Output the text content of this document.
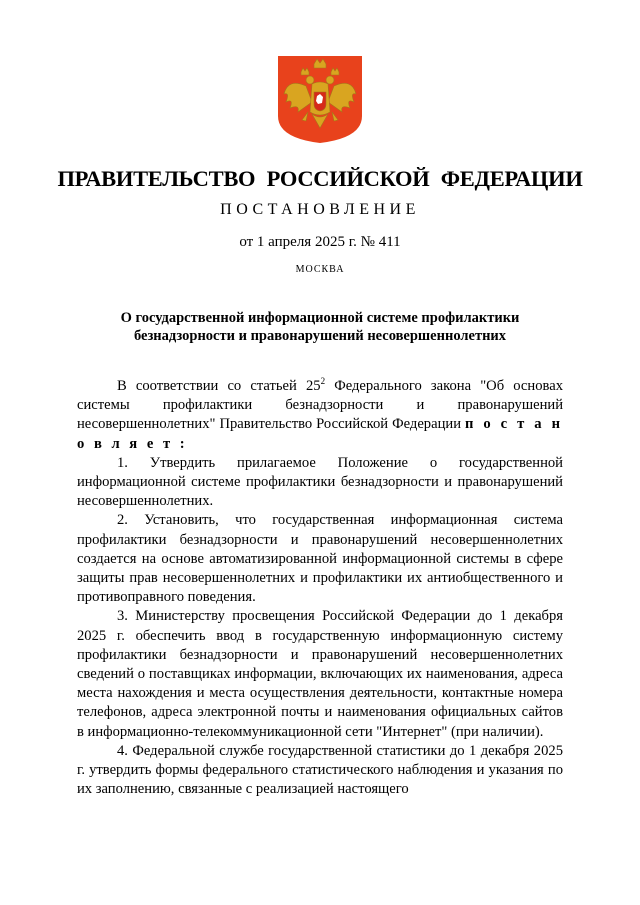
ПРАВИТЕЛЬСТВО РОССИЙСКОЙ ФЕДЕРАЦИИ
ПОСТАНОВЛЕНИЕ
от 1 апреля 2025 г. № 411
МОСКВА
О государственной информационной системе профилактики
безнадзорности и правонарушений несовершеннолетних

В соответствии со статьей $25^2$ Федерального закона "Об основах системы профилактики безнадзорности и правонарушений несовершеннолетних" Правительство Российской Федерации п о с т а н о в л я е т :

1. Утвердить прилагаемое Положение о государственной информационной системе профилактики безнадзорности и правонарушений несовершеннолетних.

2. Установить, что государственная информационная система профилактики безнадзорности и правонарушений несовершеннолетних создается на основе автоматизированной информационной системы в сфере защиты прав несовершеннолетних и профилактики их антиобщественного и противоправного поведения.

3. Министерству просвещения Российской Федерации до 1 декабря 2025 г. обеспечить ввод в государственную информационную систему профилактики безнадзорности и правонарушений несовершеннолетних сведений о поставщиках информации, включающих их наименования, адреса места нахождения и места осуществления деятельности, контактные номера телефонов, адреса электронной почты и наименования официальных сайтов в информационно-телекоммуникационной сети "Интернет" (при наличии).

4. Федеральной службе государственной статистики до 1 декабря 2025 г. утвердить формы федерального статистического наблюдения и указания по их заполнению, связанные с реализацией настоящего
